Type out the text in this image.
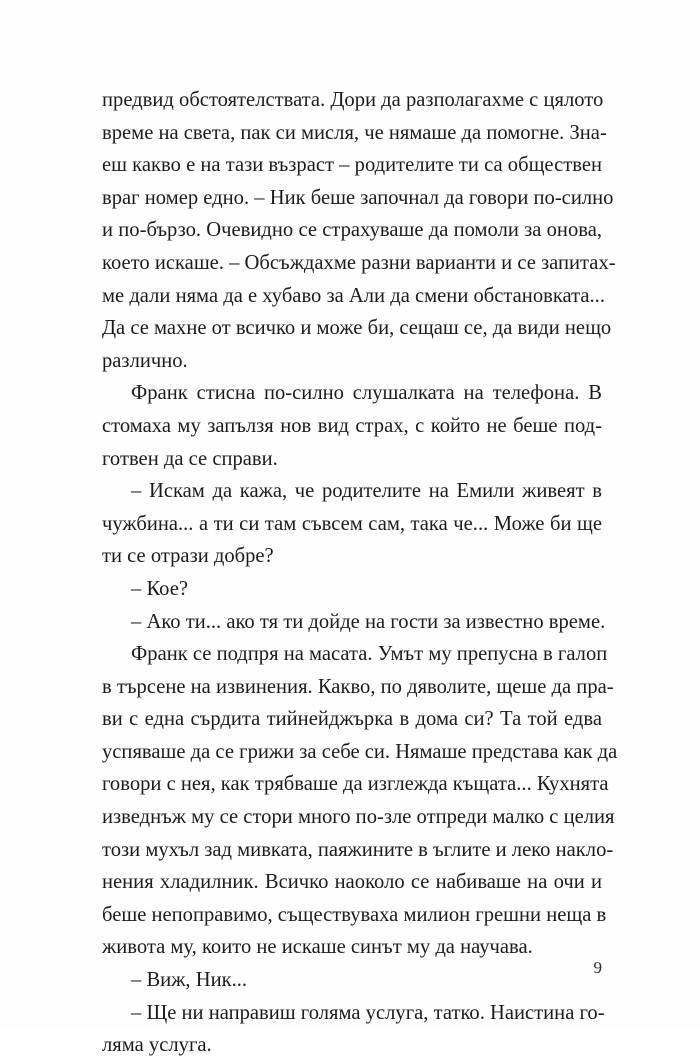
предвид обстоятелствата. Дори да разполагахме с цялото
време на света, пак си мисля, че нямаше да помогне. Зна-
еш какво е на тази възраст – родителите ти са обществен
враг номер едно. – Ник беше започнал да говори по-силно
и по-бързо. Очевидно се страхуваше да помоли за онова,
което искаше. – Обсъждахме разни варианти и се запитах-
ме дали няма да е хубаво за Али да смени обстановката...
Да се махне от всичко и може би, сещаш се, да види нещо
различно.
Франк стисна по-силно слушалката на телефона. В
стомаха му запълзя нов вид страх, с който не беше под-
готвен да се справи.
– Искам да кажа, че родителите на Емили живеят в
чужбина... а ти си там съвсем сам, така че... Може би ще
ти се отрази добре?
– Кое?
– Ако ти... ако тя ти дойде на гости за известно време.
Франк се подпря на масата. Умът му препусна в галоп
в търсене на извинения. Какво, по дяволите, щеше да пра-
ви с една сърдита тийнейджърка в дома си? Та той едва
успяваше да се грижи за себе си. Нямаше представа как да
говори с нея, как трябваше да изглежда къщата... Кухнята
изведнъж му се стори много по-зле отпреди малко с целия
този мухъл зад мивката, паяжините в ъглите и леко накло-
нения хладилник. Всичко наоколо се набиваше на очи и
беше непоправимо, съществуваха милион грешни неща в
живота му, които не искаше синът му да научава.
– Виж, Ник...
– Ще ни направиш голяма услуга, татко. Наистина го-
ляма услуга.
9
